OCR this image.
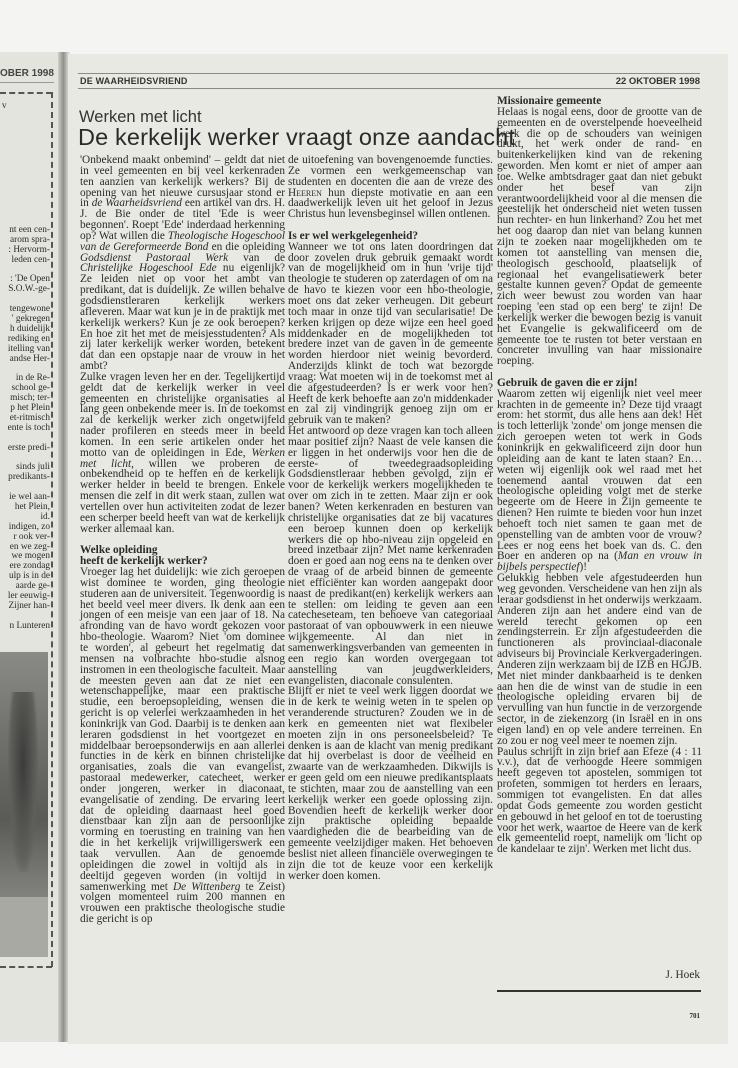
OBER 1998
v
nt een cen-
arom spra-
: Hervorm-
leden cen-
: 'De Open
S.O.W.-ge-
tengewone
' gekregen
h duidelijk
rediking en
itelling van
andse Her-
in de Re-
school ge-
misch; ter-
p het Plein
et-ritmisch
ente is toch
erste predi-
sinds juli
predikants-
ie wel aan-
het Plein,
id.
indigen, zo
r ook ver-
en we zeg-
we mogen
ere zondag
ulp is in de
aarde ge-
ler eeuwig-
Zijner han-
n Lunteren
DE WAARHEIDSVRIEND	22 OKTOBER 1998
Werken met licht
De kerkelijk werker vraagt onze aandacht

'Onbekend maakt onbemind' – geldt dat niet in veel gemeenten en bij veel kerkenraden ten aanzien van kerkelijk werkers? Bij de opening van het nieuwe cursusjaar stond er in de Waarheidsvriend een artikel van drs. H. J. de Bie onder de titel 'Ede is weer begonnen'. Roept 'Ede' inderdaad herkenning op? Wat willen die Theologische Hogeschool van de Gereformeerde Bond en die opleiding Godsdienst Pastoraal Werk van de Christelijke Hogeschool Ede nu eigenlijk? Ze leiden niet op voor het ambt van predikant, dat is duidelijk. Ze willen behalve godsdienstleraren kerkelijk werkers afleveren. Maar wat kun je in de praktijk met kerkelijk werkers? Kun je ze ook beroepen? En hoe zit het met de meisjesstudenten? Als zij later kerkelijk werker worden, betekent dat dan een opstapje naar de vrouw in het ambt?

Zulke vragen leven her en der. Tegelijkertijd geldt dat de kerkelijk werker in veel gemeenten en christelijke organisaties al lang geen onbekende meer is. In de toekomst zal de kerkelijk werker zich ongetwijfeld nader profileren en steeds meer in beeld komen. In een serie artikelen onder het motto van de opleidingen in Ede, Werken met licht, willen we proberen de onbekendheid op te heffen en de kerkelijk werker helder in beeld te brengen. Enkele mensen die zelf in dit werk staan, zullen wat vertellen over hun activiteiten zodat de lezer een scherper beeld heeft van wat de kerkelijk werker allemaal kan.

Welke opleiding
heeft de kerkelijk werker?

Vroeger lag het duidelijk: wie zich geroepen wist dominee te worden, ging theologie studeren aan de universiteit. Tegenwoordig is het beeld veel meer divers. Ik denk aan een jongen of een meisje van een jaar of 18. Na afronding van de havo wordt gekozen voor hbo-theologie. Waarom? Niet 'om dominee te worden', al gebeurt het regelmatig dat mensen na volbrachte hbo-studie alsnog instromen in een theologische faculteit. Maar de meesten geven aan dat ze niet een wetenschappelijke, maar een praktische studie, een beroepsopleiding, wensen die gericht is op velerlei werkzaamheden in het koninkrijk van God. Daarbij is te denken aan leraren godsdienst in het voortgezet en middelbaar beroepsonderwijs en aan allerlei functies in de kerk en binnen christelijke organisaties, zoals die van evangelist, pastoraal medewerker, catecheet, werker onder jongeren, werker in diaconaat, evangelisatie of zending. De ervaring leert dat de opleiding daarnaast heel goed dienstbaar kan zijn aan de persoonlijke vorming en toerusting en training van hen die in het kerkelijk vrijwilligerswerk een taak vervullen. Aan de genoemde opleidingen die zowel in voltijd als in deeltijd gegeven worden (in voltijd in samenwerking met De Wittenberg te Zeist) volgen momenteel ruim 200 mannen en vrouwen een praktische theologische studie die gericht is op

de uitoefening van bovengenoemde functies. Ze vormen een werkgemeenschap van studenten en docenten die aan de vreze des Heeren hun diepste motivatie en aan een daadwerkelijk leven uit het geloof in Jezus Christus hun levensbeginsel willen ontlenen.

Is er wel werkgelegenheid?

Wanneer we tot ons laten doordringen dat door zovelen druk gebruik gemaakt wordt van de mogelijkheid om in hun 'vrije tijd' theologie te studeren op zaterdagen of om na de havo te kiezen voor een hbo-theologie, moet ons dat zeker verheugen. Dit gebeurt toch maar in onze tijd van secularisatie! De kerken krijgen op deze wijze een heel goed middenkader en de mogelijkheden tot bredere inzet van de gaven in de gemeente worden hierdoor niet weinig bevorderd. Anderzijds klinkt de toch wat bezorgde vraag: Wat moeten wij in de toekomst met al die afgestudeerden? Is er werk voor hen? Heeft de kerk behoefte aan zo'n middenkader en zal zij vindingrijk genoeg zijn om er gebruik van te maken?

Het antwoord op deze vragen kan toch alleen maar positief zijn? Naast de vele kansen die er liggen in het onderwijs voor hen die de eerste- of tweedegraadsopleiding Godsdienstleraar hebben gevolgd, zijn er voor de kerkelijk werkers mogelijkheden te over om zich in te zetten. Maar zijn er ook banen? Weten kerkenraden en besturen van christelijke organisaties dat ze bij vacatures een beroep kunnen doen op kerkelijk werkers die op hbo-niveau zijn opgeleid en breed inzetbaar zijn? Met name kerkenraden doen er goed aan nog eens na te denken over de vraag of de arbeid binnen de gemeente niet efficiënter kan worden aangepakt door naast de predikant(en) kerkelijk werkers aan te stellen: om leiding te geven aan een catecheseteam, ten behoeve van categoriaal pastoraat of van opbouwwerk in een nieuwe wijkgemeente. Al dan niet in samenwerkingsverbanden van gemeenten in een regio kan worden overgegaan tot aanstelling van jeugdwerkleiders, evangelisten, diaconale consulenten.

Blijft er niet te veel werk liggen doordat we in de kerk te weinig weten in te spelen op veranderende structuren? Zouden we in de kerk en gemeenten niet wat flexibeler moeten zijn in ons personeelsbeleid? Te denken is aan de klacht van menig predikant dat hij overbelast is door de veelheid en zwaarte van de werkzaamheden. Dikwijls is er geen geld om een nieuwe predikantsplaats te stichten, maar zou de aanstelling van een kerkelijk werker een goede oplossing zijn. Bovendien heeft de kerkelijk werker door zijn praktische opleiding bepaalde vaardigheden die de bearbeiding van de gemeente veelzijdiger maken. Het behoeven beslist niet alleen financiële overwegingen te zijn die tot de keuze voor een kerkelijk werker doen komen.

Missionaire gemeente

Helaas is nogal eens, door de grootte van de gemeenten en de overstelpende hoeveelheid werk die op de schouders van weinigen drukt, het werk onder de rand- en buitenkerkelijken kind van de rekening geworden. Men komt er niet of amper aan toe. Welke ambtsdrager gaat dan niet gebukt onder het besef van zijn verantwoordelijkheid voor al die mensen die geestelijk het onderscheid niet weten tussen hun rechter- en hun linkerhand? Zou het met het oog daarop dan niet van belang kunnen zijn te zoeken naar mogelijkheden om te komen tot aanstelling van mensen die, theologisch geschoold, plaatselijk of regionaal het evangelisatiewerk beter gestalte kunnen geven? Opdat de gemeente zich weer bewust zou worden van haar roeping 'een stad op een berg' te zijn! De kerkelijk werker die bewogen bezig is vanuit het Evangelie is gekwalificeerd om de gemeente toe te rusten tot beter verstaan en concreter invulling van haar missionaire roeping.

Gebruik de gaven die er zijn!

Waarom zetten wij eigenlijk niet veel meer krachten in de gemeente in? Deze tijd vraagt erom: het stormt, dus alle hens aan dek! Het is toch letterlijk 'zonde' om jonge mensen die zich geroepen weten tot werk in Gods koninkrijk en gekwalificeerd zijn door hun opleiding aan de kant te laten staan? En… weten wij eigenlijk ook wel raad met het toenemend aantal vrouwen dat een theologische opleiding volgt met de sterke begeerte om de Heere in Zijn gemeente te dienen? Hen ruimte te bieden voor hun inzet behoeft toch niet samen te gaan met de openstelling van de ambten voor de vrouw? Lees er nog eens het boek van ds. C. den Boer en anderen op na (Man en vrouw in bijbels perspectief)!

Gelukkig hebben vele afgestudeerden hun weg gevonden. Verscheidene van hen zijn als leraar godsdienst in het onderwijs werkzaam. Anderen zijn aan het andere eind van de wereld terecht gekomen op een zendingsterrein. Er zijn afgestudeerden die functioneren als provinciaal-diaconale adviseurs bij Provinciale Kerkvergaderingen. Anderen zijn werkzaam bij de IZB en HGJB. Met niet minder dankbaarheid is te denken aan hen die de winst van de studie in een theologische opleiding ervaren bij de vervulling van hun functie in de verzorgende sector, in de ziekenzorg (in Israël en in ons eigen land) en op vele andere terreinen. En zo zou er nog veel meer te noemen zijn.

Paulus schrijft in zijn brief aan Efeze (4 : 11 v.v.), dat de verhoogde Heere sommigen heeft gegeven tot apostelen, sommigen tot profeten, sommigen tot herders en leraars, sommigen tot evangelisten. En dat alles opdat Gods gemeente zou worden gesticht en gebouwd in het geloof en tot de toerusting voor het werk, waartoe de Heere van de kerk elk gemeentelid roept, namelijk om 'licht op de kandelaar te zijn'. Werken met licht dus.

J. Hoek
701
